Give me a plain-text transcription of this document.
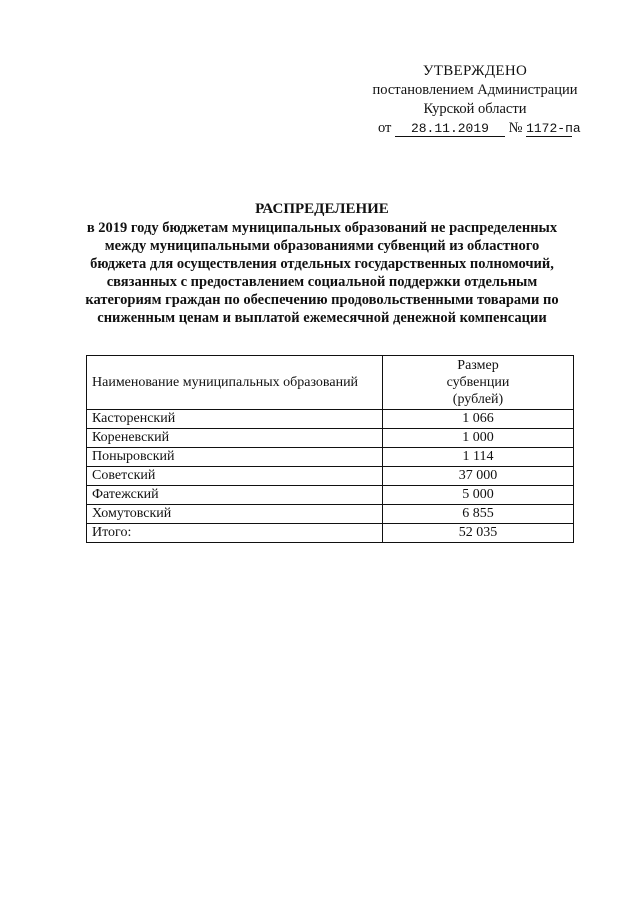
УТВЕРЖДЕНО
постановлением Администрации
Курской области
от 28.11.2019 № 1172-па
РАСПРЕДЕЛЕНИЕ
в 2019 году бюджетам муниципальных образований не распределенных
между муниципальными образованиями субвенций из областного
бюджета для осуществления отдельных государственных полномочий,
связанных с предоставлением социальной поддержки отдельным
категориям граждан по обеспечению продовольственными товарами по
сниженным ценам и выплатой ежемесячной денежной компенсации
Наименование муниципальных образований	Размер
субвенции
(рублей)

Касторенский	1 066
Кореневский	1 000
Поныровский	1 114
Советский	37 000
Фатежский	5 000
Хомутовский	6 855
Итого:	52 035
